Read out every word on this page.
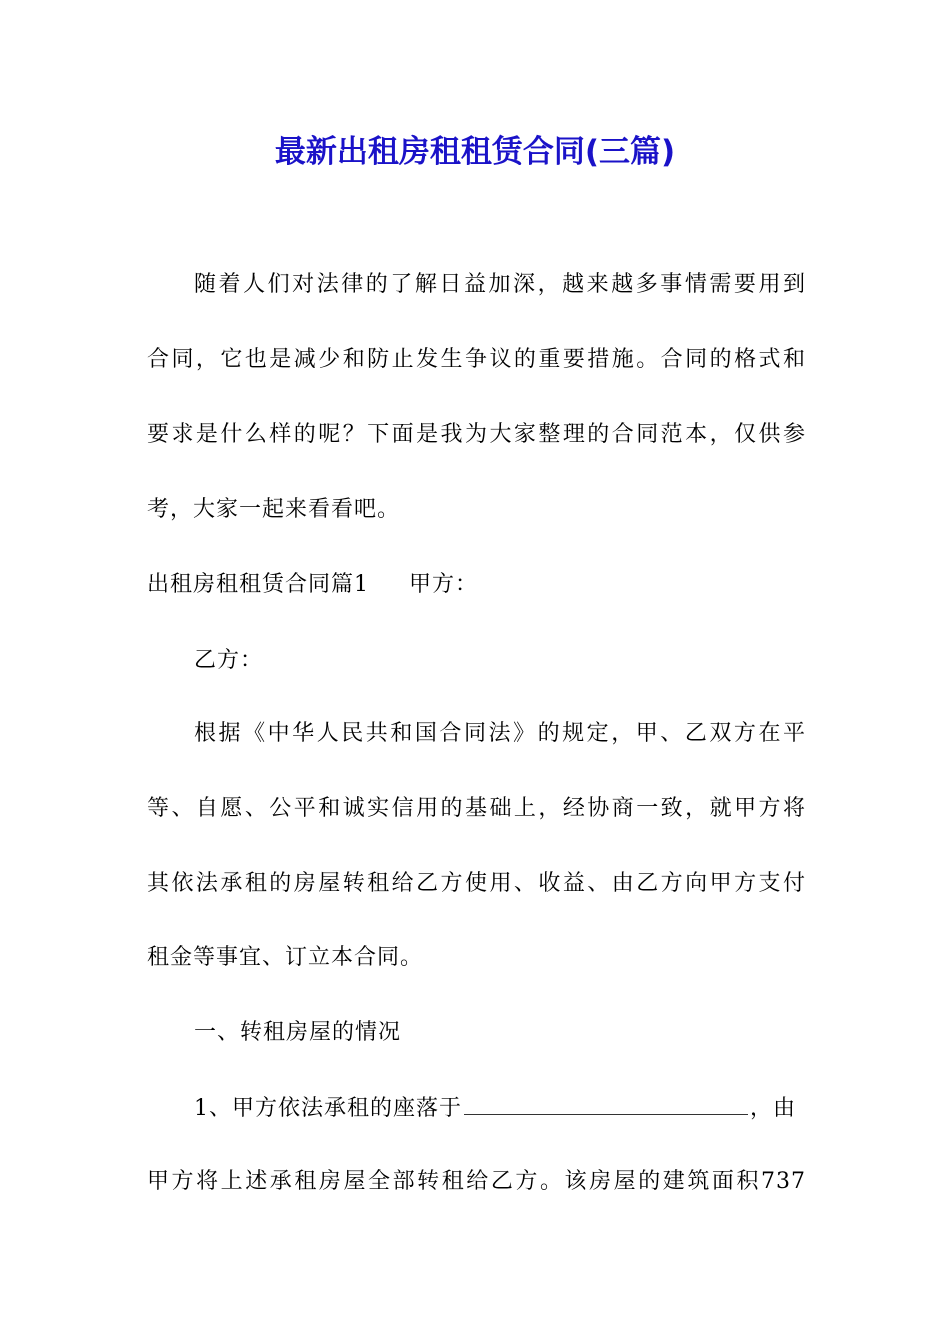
最新出租房租租赁合同(三篇)
随着人们对法律的了解日益加深，越来越多事情需要用到
合同，它也是减少和防止发生争议的重要措施。合同的格式和
要求是什么样的呢？下面是我为大家整理的合同范本，仅供参
考，大家一起来看看吧。
出租房租租赁合同篇1 甲方：
乙方：
根据《中华人民共和国合同法》的规定，甲、乙双方在平
等、自愿、公平和诚实信用的基础上，经协商一致，就甲方将
其依法承租的房屋转租给乙方使用、收益、由乙方向甲方支付
租金等事宜、订立本合同。
一、转租房屋的情况
1、甲方依法承租的座落于	，由
甲方将上述承租房屋全部转租给乙方。该房屋的建筑面积737
